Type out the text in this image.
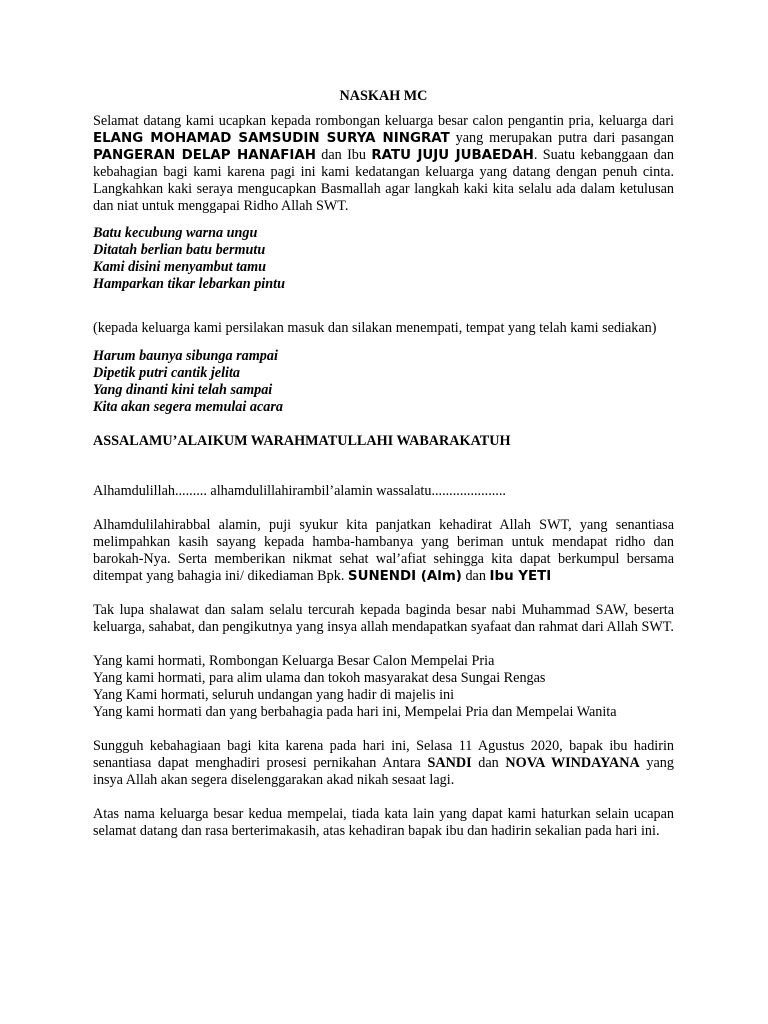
NASKAH MC

Selamat datang kami ucapkan kepada rombongan keluarga besar calon pengantin pria, keluarga dari ELANG MOHAMAD SAMSUDIN SURYA NINGRAT yang merupakan putra dari pasangan PANGERAN DELAP HANAFIAH dan Ibu RATU JUJU JUBAEDAH. Suatu kebanggaan dan kebahagian bagi kami karena pagi ini kami kedatangan keluarga yang datang dengan penuh cinta. Langkahkan kaki seraya mengucapkan Basmallah agar langkah kaki kita selalu ada dalam ketulusan dan niat untuk menggapai Ridho Allah SWT.

Batu kecubung warna ungu
Ditatah berlian batu bermutu
Kami disini menyambut tamu
Hamparkan tikar lebarkan pintu

(kepada keluarga kami persilakan masuk dan silakan menempati, tempat yang telah kami sediakan)

Harum baunya sibunga rampai
Dipetik putri cantik jelita
Yang dinanti kini telah sampai
Kita akan segera memulai acara
ASSALAMU’ALAIKUM WARAHMATULLAHI WABARAKATUH

Alhamdulillah......... alhamdulillahirambil’alamin wassalatu.....................

Alhamdulilahirabbal alamin, puji syukur kita panjatkan kehadirat Allah SWT, yang senantiasa melimpahkan kasih sayang kepada hamba-hambanya yang beriman untuk mendapat ridho dan barokah-Nya. Serta memberikan nikmat sehat wal’afiat sehingga kita dapat berkumpul bersama ditempat yang bahagia ini/ dikediaman Bpk. SUNENDI (Alm) dan Ibu YETI

Tak lupa shalawat dan salam selalu tercurah kepada baginda besar nabi Muhammad SAW, beserta keluarga, sahabat, dan pengikutnya yang insya allah mendapatkan syafaat dan rahmat dari Allah SWT.

Yang kami hormati, Rombongan Keluarga Besar Calon Mempelai Pria
Yang kami hormati, para alim ulama dan tokoh masyarakat desa Sungai Rengas
Yang Kami hormati, seluruh undangan yang hadir di majelis ini
Yang kami hormati dan yang berbahagia pada hari ini, Mempelai Pria dan Mempelai Wanita

Sungguh kebahagiaan bagi kita karena pada hari ini, Selasa 11 Agustus 2020, bapak ibu hadirin senantiasa dapat menghadiri prosesi pernikahan Antara SANDI dan NOVA WINDAYANA yang insya Allah akan segera diselenggarakan akad nikah sesaat lagi.

Atas nama keluarga besar kedua mempelai, tiada kata lain yang dapat kami haturkan selain ucapan selamat datang dan rasa berterimakasih, atas kehadiran bapak ibu dan hadirin sekalian pada hari ini.
